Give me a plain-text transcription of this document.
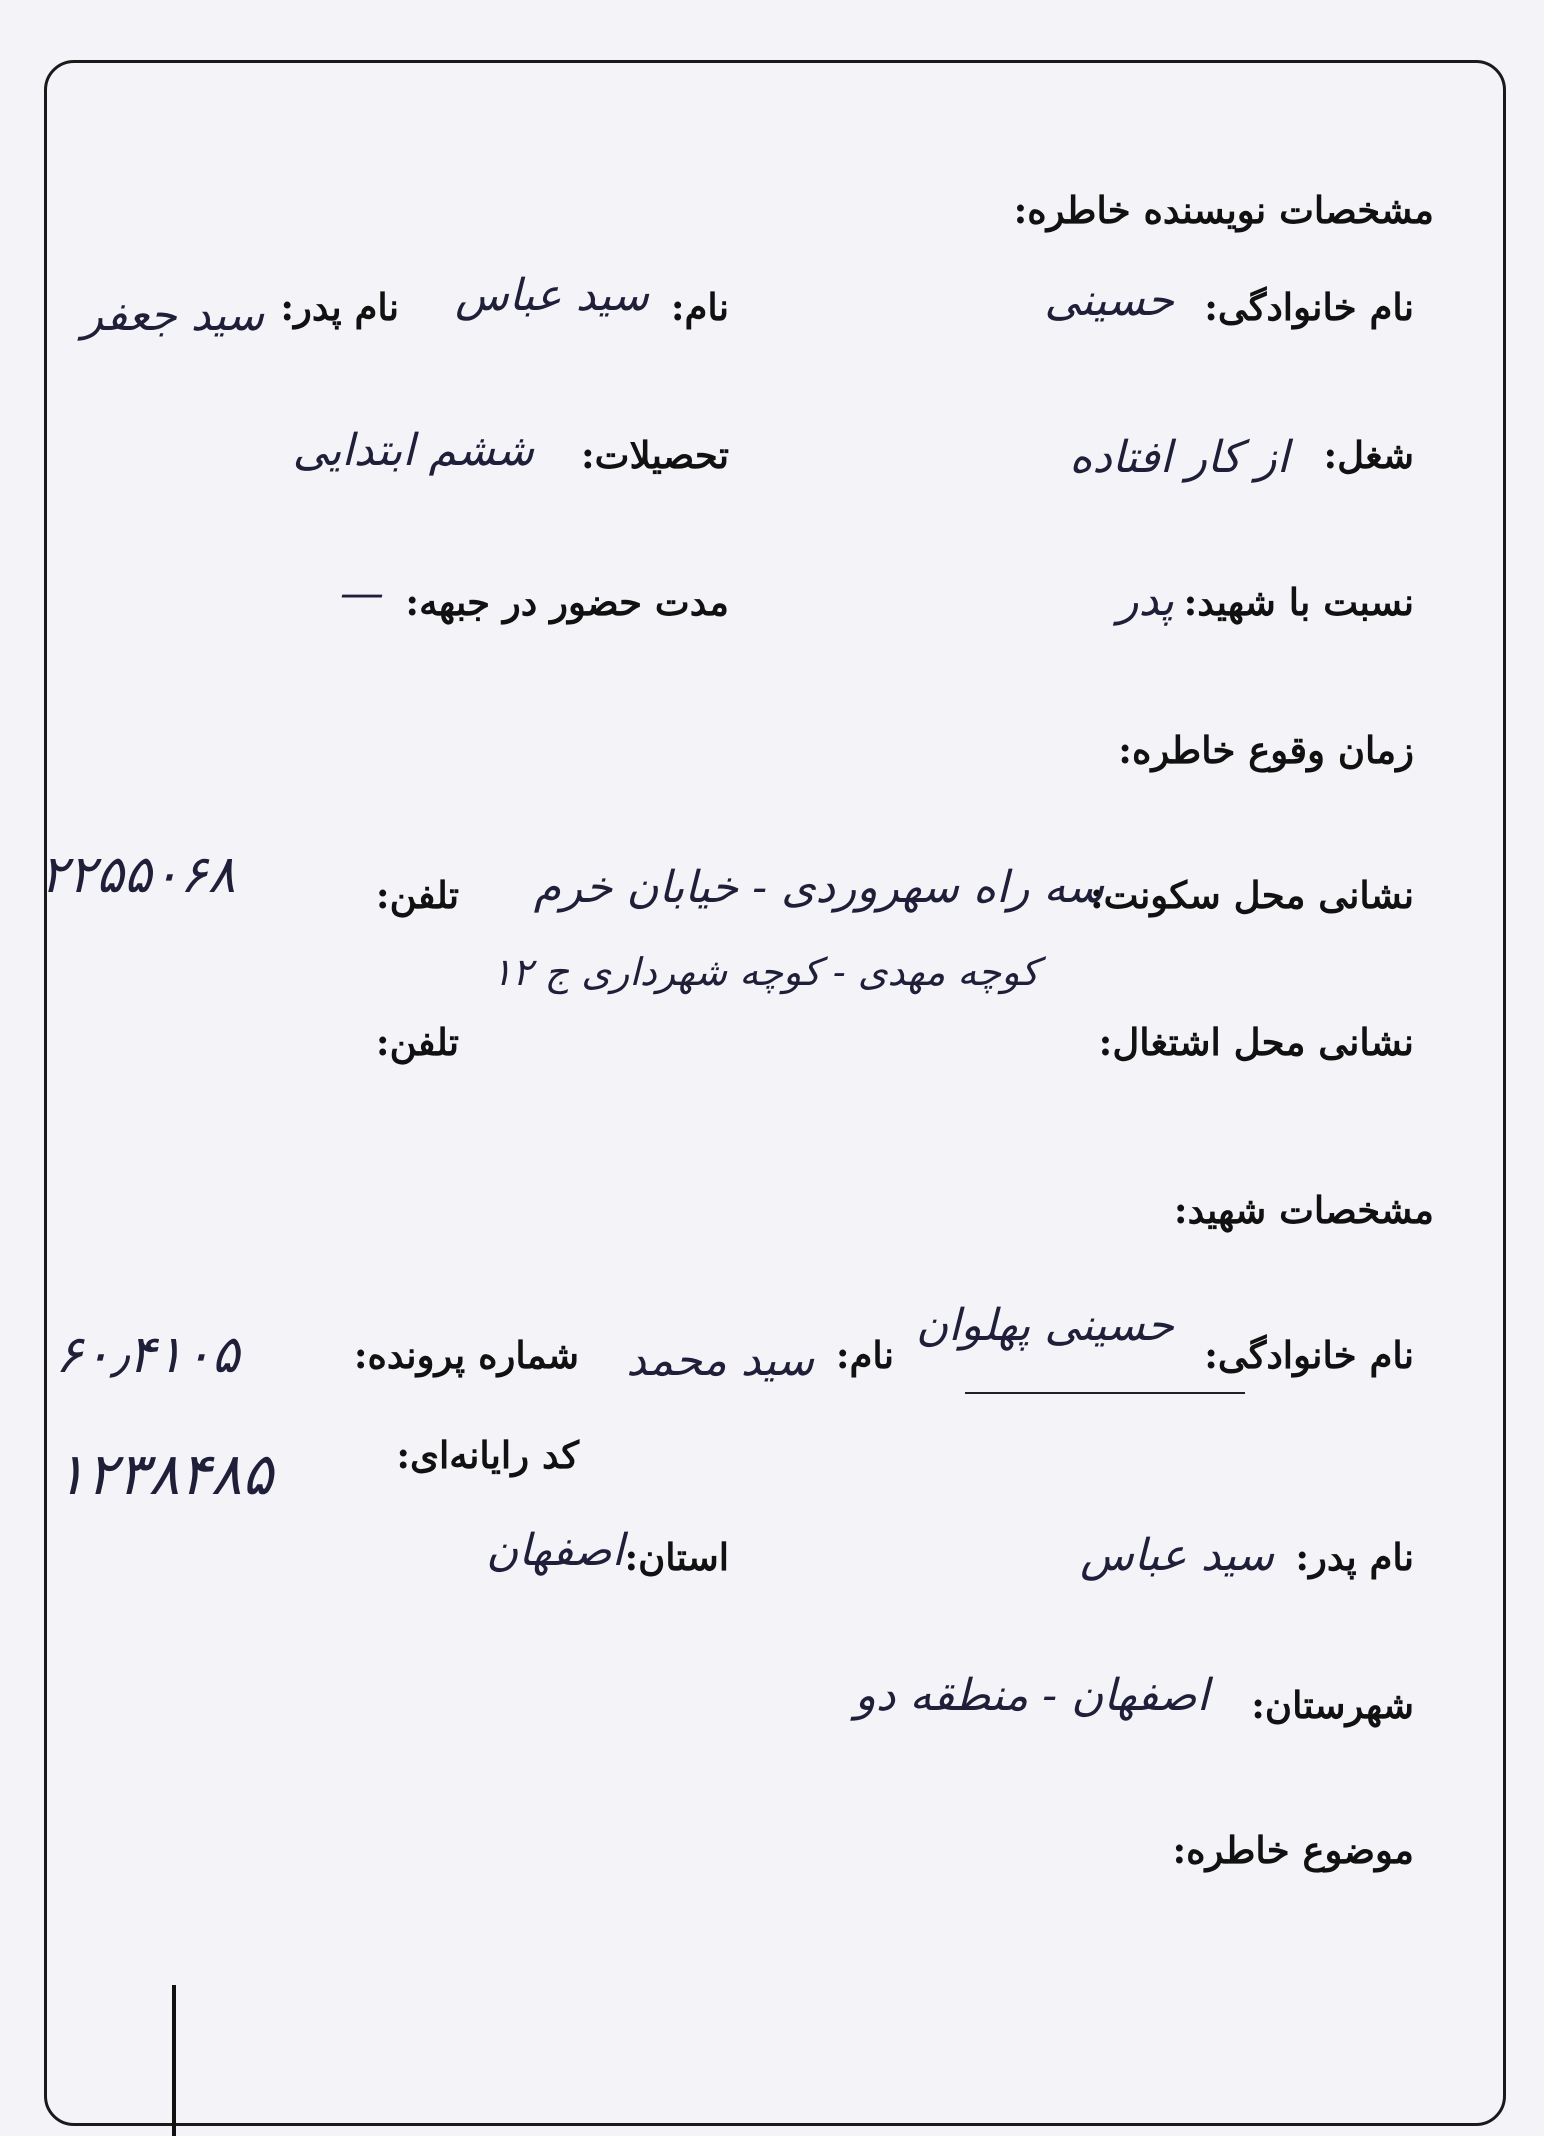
مشخصات نویسنده خاطره:
نام خانوادگی:
حسینی
نام:
سید عباس
نام پدر:
سید جعفر
شغل:
از کار افتاده
تحصیلات:
ششم ابتدایی
نسبت با شهید:
پدر
مدت حضور در جبهه:
—
زمان وقوع خاطره:
نشانی محل سکونت:
سه راه سهروردی - خیابان خرم
کوچه مهدی - کوچه شهرداری ج ۱۲
تلفن:
۲۲۵۵۰۶۸
نشانی محل اشتغال:
تلفن:
مشخصات شهید:
نام خانوادگی:
حسینی پهلوان
نام:
سید محمد
شماره پرونده:
۶۰٫۴۱۰۵
کد رایانه‌ای:
۱۲۳۸۴۸۵
نام پدر:
سید عباس
استان:
اصفهان
شهرستان:
اصفهان - منطقه دو
موضوع خاطره:
